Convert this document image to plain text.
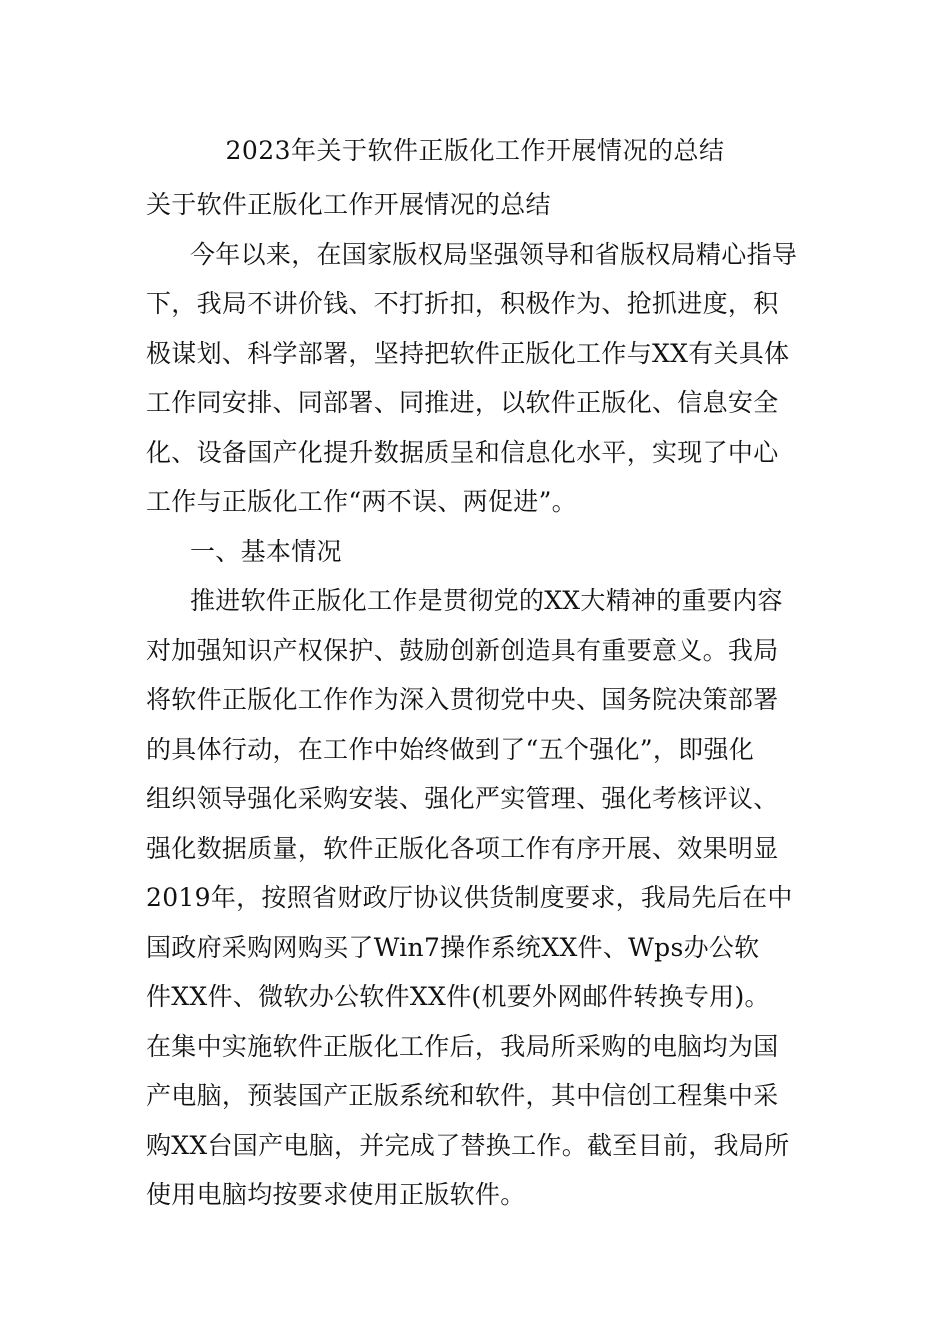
2023年关于软件正版化工作开展情况的总结
关于软件正版化工作开展情况的总结
今年以来，在国家版权局坚强领导和省版权局精心指导
下，我局不讲价钱、不打折扣，积极作为、抢抓进度，积
极谋划、科学部署，坚持把软件正版化工作与XX有关具体
工作同安排、同部署、同推进，以软件正版化、信息安全
化、设备国产化提升数据质呈和信息化水平，实现了中心
工作与正版化工作“两不误、两促进”。
一、基本情况
推进软件正版化工作是贯彻党的XX大精神的重要内容
对加强知识产权保护、鼓励创新创造具有重要意义。我局
将软件正版化工作作为深入贯彻党中央、国务院决策部署
的具体行动，在工作中始终做到了“五个强化”，即强化
组织领导强化采购安装、强化严实管理、强化考核评议、
强化数据质量，软件正版化各项工作有序开展、效果明显
2019年，按照省财政厅协议供货制度要求，我局先后在中
国政府采购网购买了Win7操作系统XX件、Wps办公软
件XX件、微软办公软件XX件(机要外网邮件转换专用)。
在集中实施软件正版化工作后，我局所采购的电脑均为国
产电脑，预装国产正版系统和软件，其中信创工程集中采
购XX台国产电脑，并完成了替换工作。截至目前，我局所
使用电脑均按要求使用正版软件。
